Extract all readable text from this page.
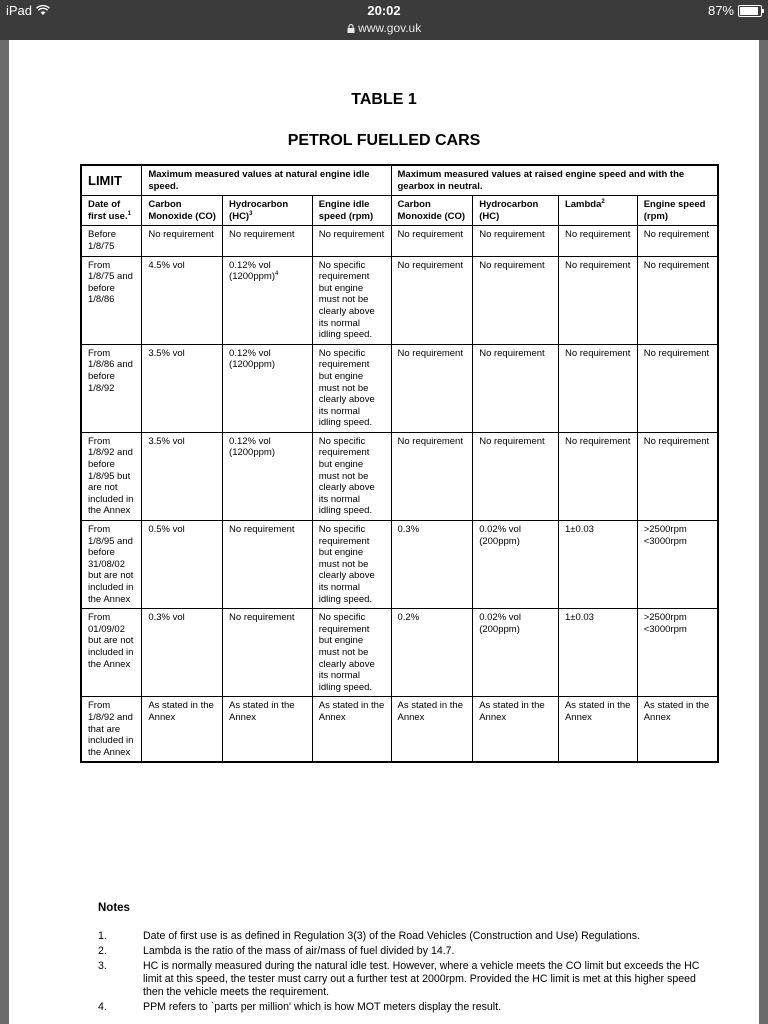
iPad	20:02
www.gov.uk
87%
TABLE 1
PETROL FUELLED CARS
LIMIT	Maximum measured values at natural engine idle speed.			Maximum measured values at raised engine speed and with the gearbox in neutral.			
Date of first use.$^1$	Carbon Monoxide (CO)	Hydrocarbon (HC)$^3$	Engine idle speed (rpm)	Carbon Monoxide (CO)	Hydrocarbon (HC)	Lambda$^2$	Engine speed (rpm)
Before 1/8/75	No requirement	No requirement	No requirement	No requirement	No requirement	No requirement	No requirement
From 1/8/75 and before 1/8/86	4.5% vol	0.12% vol $(1200ppm)^4$	No specific requirement but engine must not be clearly above its normal idling speed.	No requirement	No requirement	No requirement	No requirement
From 1/8/86 and before 1/8/92	3.5% vol	0.12% vol (1200ppm)	No specific requirement but engine must not be clearly above its normal idling speed.	No requirement	No requirement	No requirement	No requirement
From 1/8/92 and before 1/8/95 but are not included in the Annex	3.5% vol	0.12% vol (1200ppm)	No specific requirement but engine must not be clearly above its normal idling speed.	No requirement	No requirement	No requirement	No requirement
From 1/8/95 and before 31/08/02 but are not included in the Annex	0.5% vol	No requirement	No specific requirement but engine must not be clearly above its normal idling speed.	0.3%	0.02% vol (200ppm)	1±0.03	>2500rpm <3000rpm
From 01/09/02 but are not included in the Annex	0.3% vol	No requirement	No specific requirement but engine must not be clearly above its normal idling speed.	0.2%	0.02% vol (200ppm)	1±0.03	>2500rpm <3000rpm
From 1/8/92 and that are included in the Annex	As stated in the Annex	As stated in the Annex	As stated in the Annex	As stated in the Annex	As stated in the Annex	As stated in the Annex	As stated in the Annex
Notes
1.	Date of first use is as defined in Regulation 3(3) of the Road Vehicles (Construction and Use) Regulations.
2.	Lambda is the ratio of the mass of air/mass of fuel divided by 14.7.
3.	HC is normally measured during the natural idle test. However, where a vehicle meets the CO limit but exceeds the HC limit at this speed, the tester must carry out a further test at 2000rpm. Provided the HC limit is met at this higher speed then the vehicle meets the requirement.
4.	PPM refers to `parts per million' which is how MOT meters display the result.
